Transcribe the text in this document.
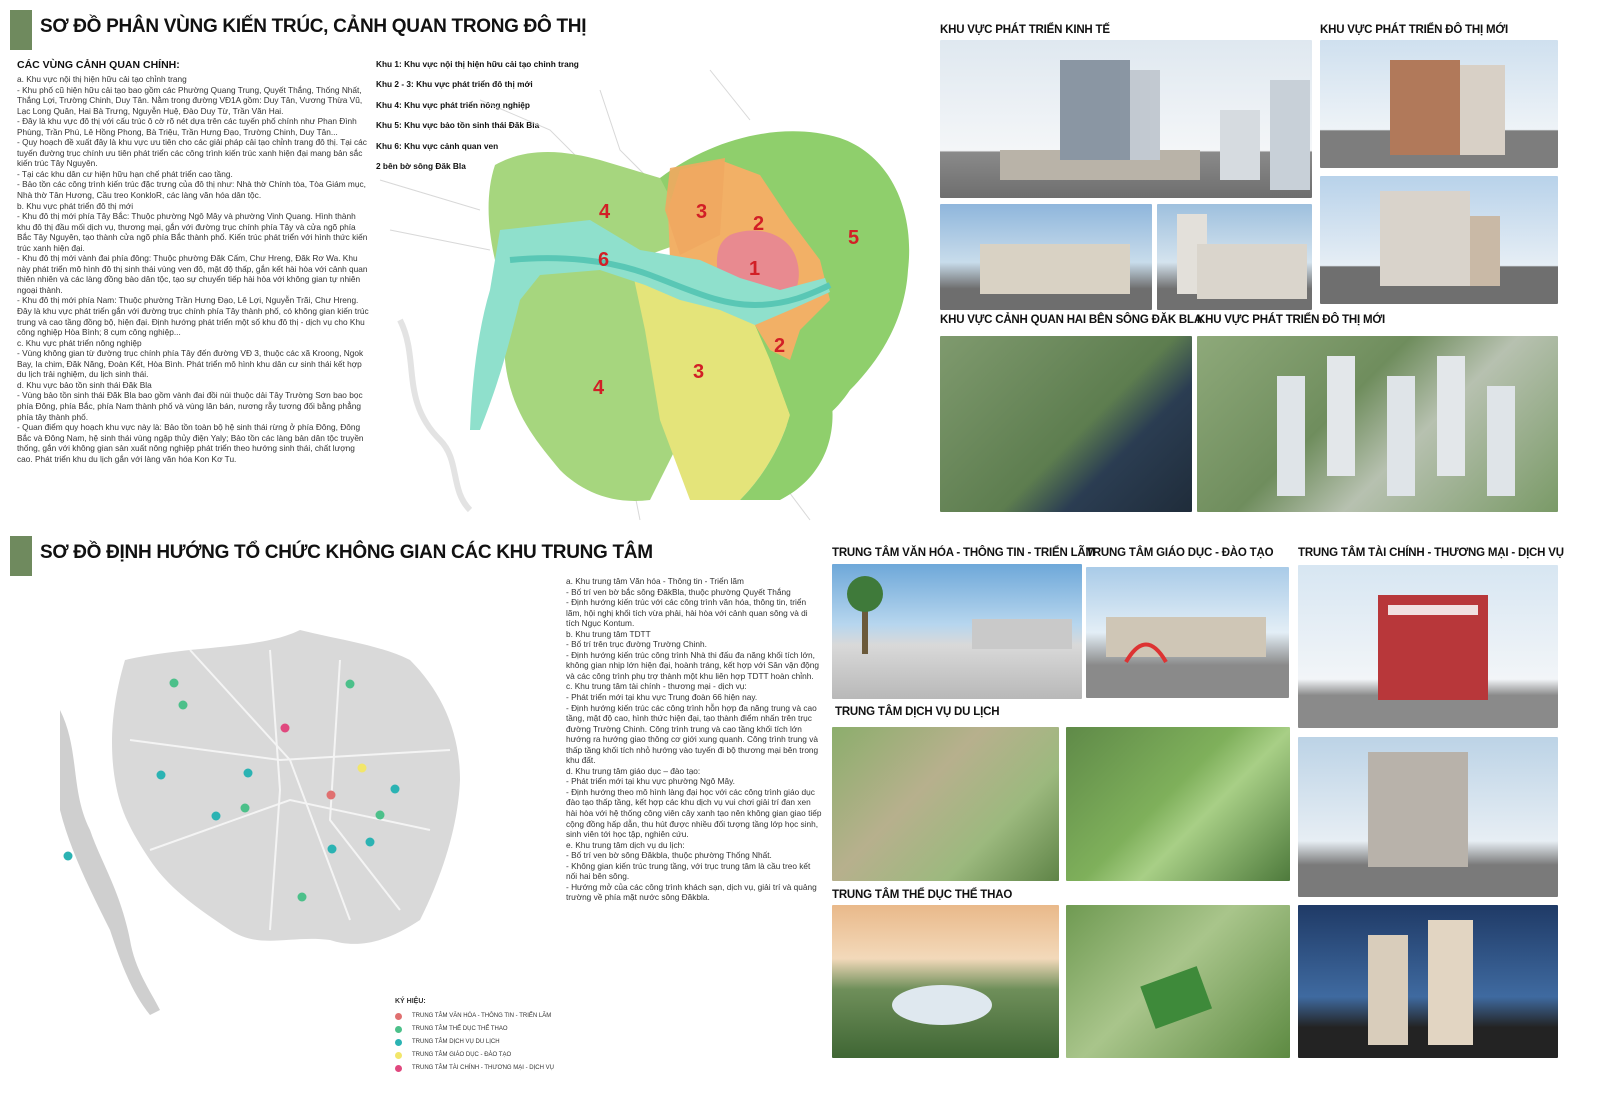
SƠ ĐỒ PHÂN VÙNG KIẾN TRÚC, CẢNH QUAN TRONG ĐÔ THỊ
CÁC VÙNG CẢNH QUAN CHÍNH:
a. Khu vực nội thị hiện hữu cải tạo chỉnh trang
- Khu phố cũ hiện hữu cải tạo bao gồm các Phường Quang Trung, Quyết Thắng, Thống Nhất, Thắng Lợi, Trường Chinh, Duy Tân. Nằm trong đường VĐ1A gồm: Duy Tân, Vương Thừa Vũ, Lạc Long Quân, Hai Bà Trưng, Nguyễn Huệ, Đào Duy Từ, Trần Văn Hai.
- Đây là khu vực đô thị với cấu trúc ô cờ rõ nét dựa trên các tuyến phố chính như Phan Đình Phùng, Trần Phú, Lê Hồng Phong, Bà Triệu, Trần Hưng Đạo, Trường Chinh, Duy Tân...
- Quy hoạch đề xuất đây là khu vực ưu tiên cho các giải pháp cải tạo chỉnh trang đô thị. Tại các tuyến đường trục chính ưu tiên phát triển các công trình kiến trúc xanh hiện đại mang bản sắc kiến trúc Tây Nguyên.
- Tại các khu dân cư hiện hữu hạn chế phát triển cao tầng.
- Bảo tồn các công trình kiến trúc đặc trưng của đô thị như: Nhà thờ Chính tòa, Tòa Giám mục, Nhà thờ Tân Hương, Cầu treo KonkloR, các làng văn hóa dân tộc.
b. Khu vực phát triển đô thị mới
- Khu đô thị mới phía Tây Bắc: Thuộc phường Ngô Mây và phường Vinh Quang. Hình thành khu đô thị đầu mối dịch vụ, thương mại, gắn với đường trục chính phía Tây và cửa ngõ phía Bắc Tây Nguyên, tạo thành cửa ngõ phía Bắc thành phố. Kiến trúc phát triển với hình thức kiến trúc xanh hiện đại.
- Khu đô thị mới vành đai phía đông: Thuộc phường Đăk Cấm, Chư Hreng, Đăk Rơ Wa. Khu này phát triển mô hình đô thị sinh thái vùng ven đô, mật độ thấp, gắn kết hài hòa với cảnh quan thiên nhiên và các làng đồng bào dân tộc, tạo sự chuyển tiếp hài hòa với không gian tự nhiên ngoại thành.
- Khu đô thị mới phía Nam: Thuộc phường Trần Hưng Đạo, Lê Lợi, Nguyễn Trãi, Chư Hreng. Đây là khu vực phát triển gắn với đường trục chính phía Tây thành phố, có không gian kiến trúc trung và cao tầng đồng bộ, hiện đại. Định hướng phát triển một số khu đô thị - dịch vụ cho Khu công nghiệp Hòa Bình; 8 cụm công nghiệp...
c. Khu vực phát triển nông nghiệp
- Vùng không gian từ đường trục chính phía Tây đến đường VĐ 3, thuộc các xã Kroong, Ngok Bay, Ia chim, Đăk Năng, Đoàn Kết, Hòa Bình. Phát triển mô hình khu dân cư sinh thái kết hợp du lịch trải nghiệm, du lịch sinh thái.
d. Khu vực bảo tồn sinh thái Đăk Bla
- Vùng bảo tồn sinh thái Đăk Bla bao gồm vành đai đồi núi thuộc dải Tây Trường Sơn bao bọc phía Đông, phía Bắc, phía Nam thành phố và vùng lân bán, nương rẫy tương đối bằng phẳng phía tây thành phố.
- Quan điểm quy hoạch khu vực này là: Bảo tồn toàn bộ hệ sinh thái rừng ở phía Đông, Đông Bắc và Đông Nam, hệ sinh thái vùng ngập thủy điện Yaly; Bảo tồn các làng bản dân tộc truyền thống, gắn với không gian sản xuất nông nghiệp phát triển theo hướng sinh thái, chất lượng cao. Phát triển khu du lịch gắn với làng văn hóa Kon Kơ Tu.
Khu 1: Khu vực nội thị hiện hữu cải tạo chỉnh trang
Khu 2 - 3: Khu vực phát triển đô thị mới
Khu 4: Khu vực phát triển nông nghiệp
Khu 5: Khu vực bảo tồn sinh thái Đăk Bla
Khu 6: Khu vực cảnh quan ven
2 bên bờ sông Đăk Bla
1
2
2
3
3
4
4
5
6
KHU VỰC PHÁT TRIỂN KINH TẾ	KHU VỰC PHÁT TRIỂN ĐÔ THỊ MỚI
KHU VỰC CẢNH QUAN HAI BÊN SÔNG ĐĂK BLA
KHU VỰC PHÁT TRIỂN ĐÔ THỊ MỚI
SƠ ĐỒ ĐỊNH HƯỚNG TỔ CHỨC KHÔNG GIAN CÁC KHU TRUNG TÂM
KÝ HIỆU:
TRUNG TÂM VĂN HÓA - THÔNG TIN - TRIỂN LÃM
TRUNG TÂM THỂ DỤC THỂ THAO
TRUNG TÂM DỊCH VỤ DU LỊCH
TRUNG TÂM GIÁO DỤC - ĐÀO TẠO
TRUNG TÂM TÀI CHÍNH - THƯƠNG MẠI - DỊCH VỤ
a. Khu trung tâm Văn hóa - Thông tin - Triển lãm
- Bố trí ven bờ bắc sông ĐăkBla, thuộc phường Quyết Thắng
- Định hướng kiến trúc với các công trình văn hóa, thông tin, triển lãm, hội nghị khối tích vừa phải, hài hòa với cảnh quan sông và di tích Ngục Kontum.
b. Khu trung tâm TDTT
- Bố trí trên trục đường Trường Chinh.
- Định hướng kiến trúc công trình Nhà thi đấu đa năng khối tích lớn, không gian nhịp lớn hiện đại, hoành tráng, kết hợp với Sân vận động và các công trình phụ trợ thành một khu liên hợp TDTT hoàn chỉnh.
c. Khu trung tâm tài chính - thương mại - dịch vụ:
- Phát triển mới tại khu vực Trung đoàn 66 hiện nay.
- Định hướng kiến trúc các công trình hỗn hợp đa năng trung và cao tầng, mật độ cao, hình thức hiện đại, tạo thành điểm nhấn trên trục đường Trường Chinh. Công trình trung và cao tầng khối tích lớn hướng ra hướng giao thông cơ giới xung quanh. Công trình trung và thấp tầng khối tích nhỏ hướng vào tuyến đi bộ thương mại bên trong khu đất.
d. Khu trung tâm giáo dục – đào tạo:
- Phát triển mới tại khu vực phường Ngô Mây.
- Định hướng theo mô hình làng đại học với các công trình giáo dục đào tạo thấp tầng, kết hợp các khu dịch vụ vui chơi giải trí đan xen hài hòa với hệ thống công viên cây xanh tạo nên không gian giao tiếp cộng đồng hấp dẫn, thu hút được nhiều đối tượng tầng lớp học sinh, sinh viên tới học tập, nghiên cứu.
e. Khu trung tâm dịch vụ du lịch:
- Bố trí ven bờ sông Đăkbla, thuộc phường Thống Nhất.
- Không gian kiến trúc trung tầng, với trục trung tâm là cầu treo kết nối hai bên sông.
- Hướng mở của các công trình khách sạn, dịch vụ, giải trí và quảng trường về phía mặt nước sông Đăkbla.
TRUNG TÂM VĂN HÓA - THÔNG TIN - TRIỂN LÃM
TRUNG TÂM GIÁO DỤC - ĐÀO TẠO TRUNG TÂM TÀI CHÍNH - THƯƠNG MẠI - DỊCH VỤ
TRUNG TÂM DỊCH VỤ DU LỊCH
TRUNG TÂM THỂ DỤC THỂ THAO
